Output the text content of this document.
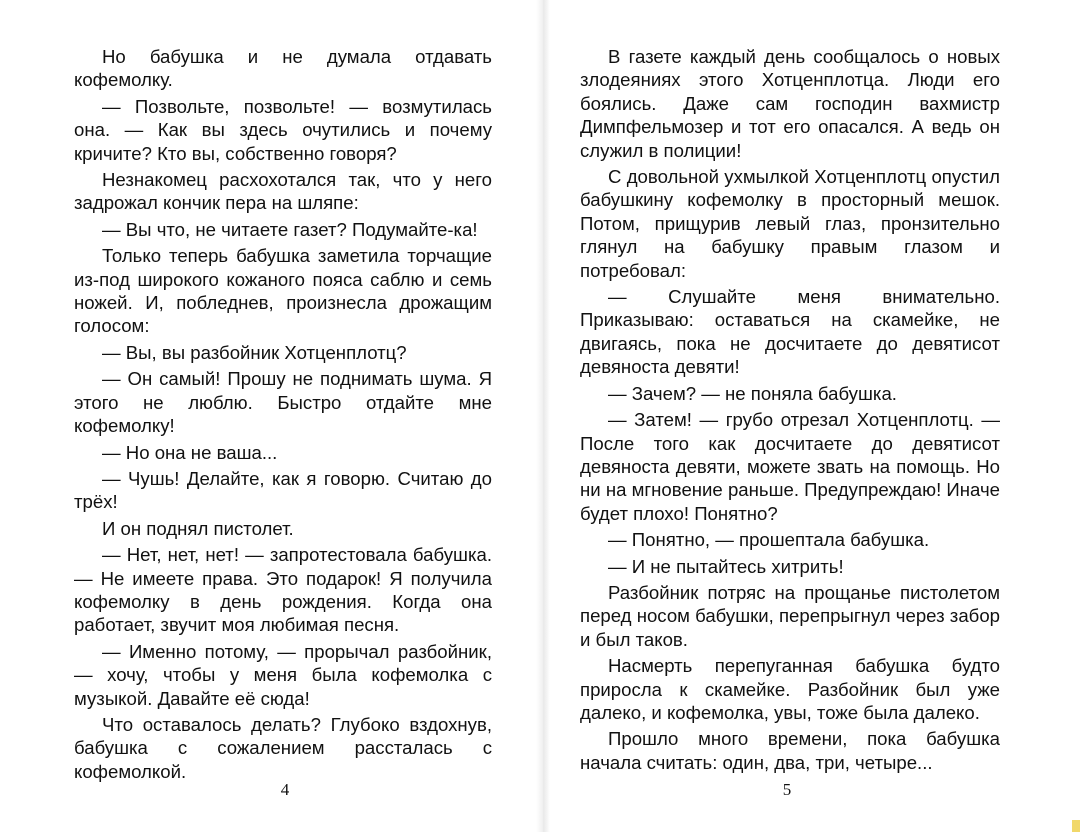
Но бабушка и не думала отдавать кофемолку.

— Позвольте, позвольте! — возмутилась она. — Как вы здесь очутились и почему кричите? Кто вы, собственно говоря?

Незнакомец расхохотался так, что у него задрожал кончик пера на шляпе:

— Вы что, не читаете газет? Подумайте-ка!

Только теперь бабушка заметила торчащие из-под широкого кожаного пояса саблю и семь ножей. И, побледнев, произнесла дрожащим голосом:

— Вы, вы разбойник Хотценплотц?

— Он самый! Прошу не поднимать шума. Я этого не люблю. Быстро отдайте мне кофемолку!

— Но она не ваша...

— Чушь! Делайте, как я говорю. Считаю до трёх!

И он поднял пистолет.

— Нет, нет, нет! — запротестовала бабушка. — Не имеете права. Это подарок! Я получила кофемолку в день рождения. Когда она работает, звучит моя любимая песня.

— Именно потому, — прорычал разбойник, — хочу, чтобы у меня была кофемолка с музыкой. Давайте её сюда!

Что оставалось делать? Глубоко вздохнув, бабушка с сожалением рассталась с кофемолкой.

В газете каждый день сообщалось о новых злодеяниях этого Хотценплотца. Люди его боялись. Даже сам господин вахмистр Димпфельмозер и тот его опасался. А ведь он служил в полиции!

С довольной ухмылкой Хотценплотц опустил бабушкину кофемолку в просторный мешок. Потом, прищурив левый глаз, пронзительно глянул на бабушку правым глазом и потребовал:

— Слушайте меня внимательно. Приказываю: оставаться на скамейке, не двигаясь, пока не досчитаете до девятисот девяноста девяти!

— Зачем? — не поняла бабушка.

— Затем! — грубо отрезал Хотценплотц. — После того как досчитаете до девятисот девяноста девяти, можете звать на помощь. Но ни на мгновение раньше. Предупреждаю! Иначе будет плохо! Понятно?

— Понятно, — прошептала бабушка.

— И не пытайтесь хитрить!

Разбойник потряс на прощанье пистолетом перед носом бабушки, перепрыгнул через забор и был таков.

Насмерть перепуганная бабушка будто приросла к скамейке. Разбойник был уже далеко, и кофемолка, увы, тоже была далеко.

Прошло много времени, пока бабушка начала считать: один, два, три, четыре...

4	5
